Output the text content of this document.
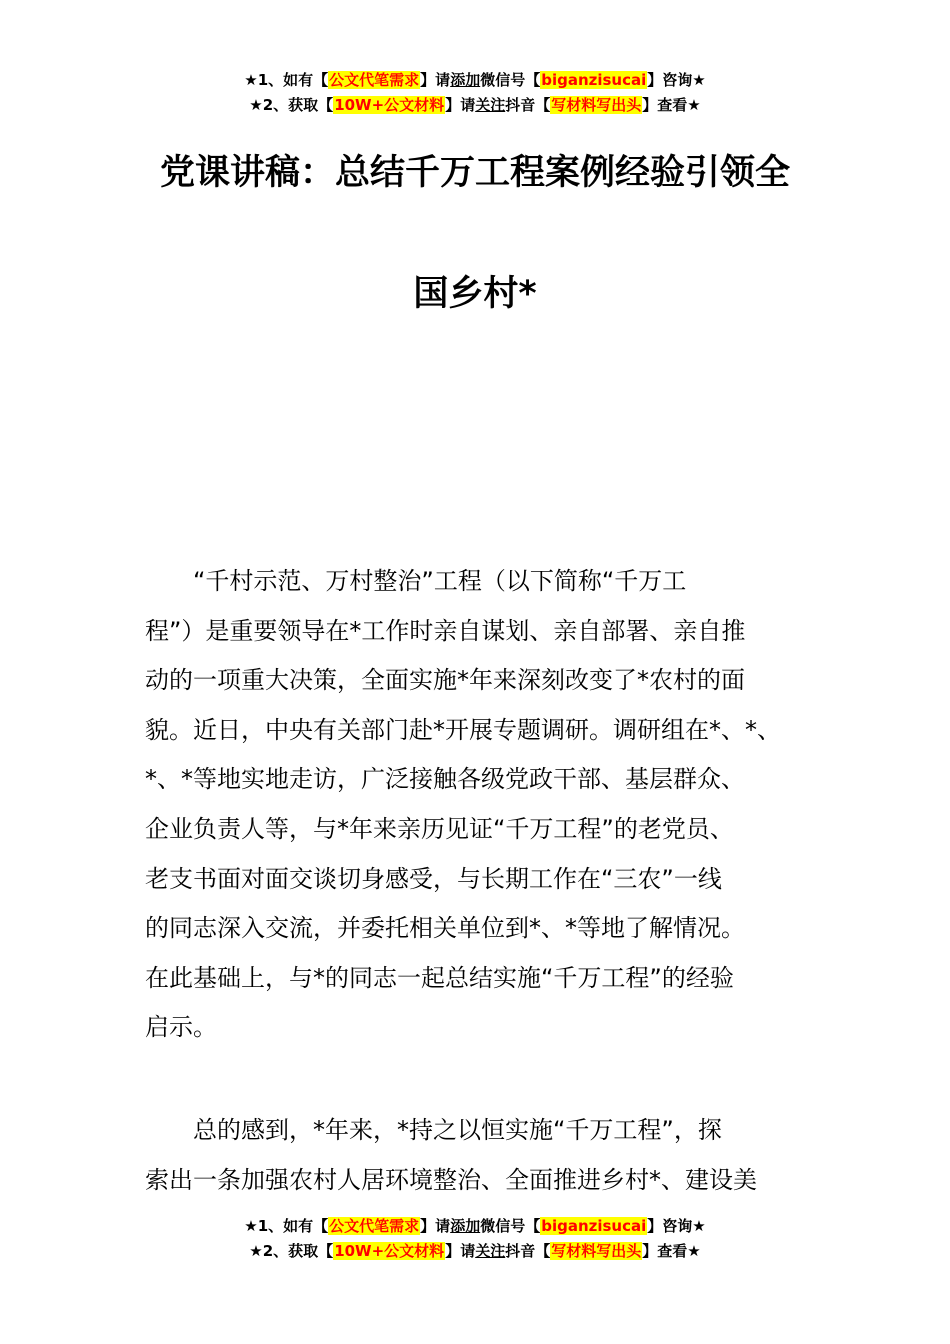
★1、如有【公文代笔需求】请添加微信号【biganzisucai】咨询★
★2、获取【10W+公文材料】请关注抖音【写材料写出头】查看★
党课讲稿：总结千万工程案例经验引领全
国乡村*

“千村示范、万村整治”工程（以下简称“千万工
程”）是重要领导在*工作时亲自谋划、亲自部署、亲自推
动的一项重大决策，全面实施*年来深刻改变了*农村的面
貌。近日，中央有关部门赴*开展专题调研。调研组在*、*、
*、*等地实地走访，广泛接触各级党政干部、基层群众、
企业负责人等，与*年来亲历见证“千万工程”的老党员、
老支书面对面交谈切身感受，与长期工作在“三农”一线
的同志深入交流，并委托相关单位到*、*等地了解情况。
在此基础上，与*的同志一起总结实施“千万工程”的经验
启示。

总的感到，*年来，*持之以恒实施“千万工程”，探
索出一条加强农村人居环境整治、全面推进乡村*、建设美

★1、如有【公文代笔需求】请添加微信号【biganzisucai】咨询★
★2、获取【10W+公文材料】请关注抖音【写材料写出头】查看★
